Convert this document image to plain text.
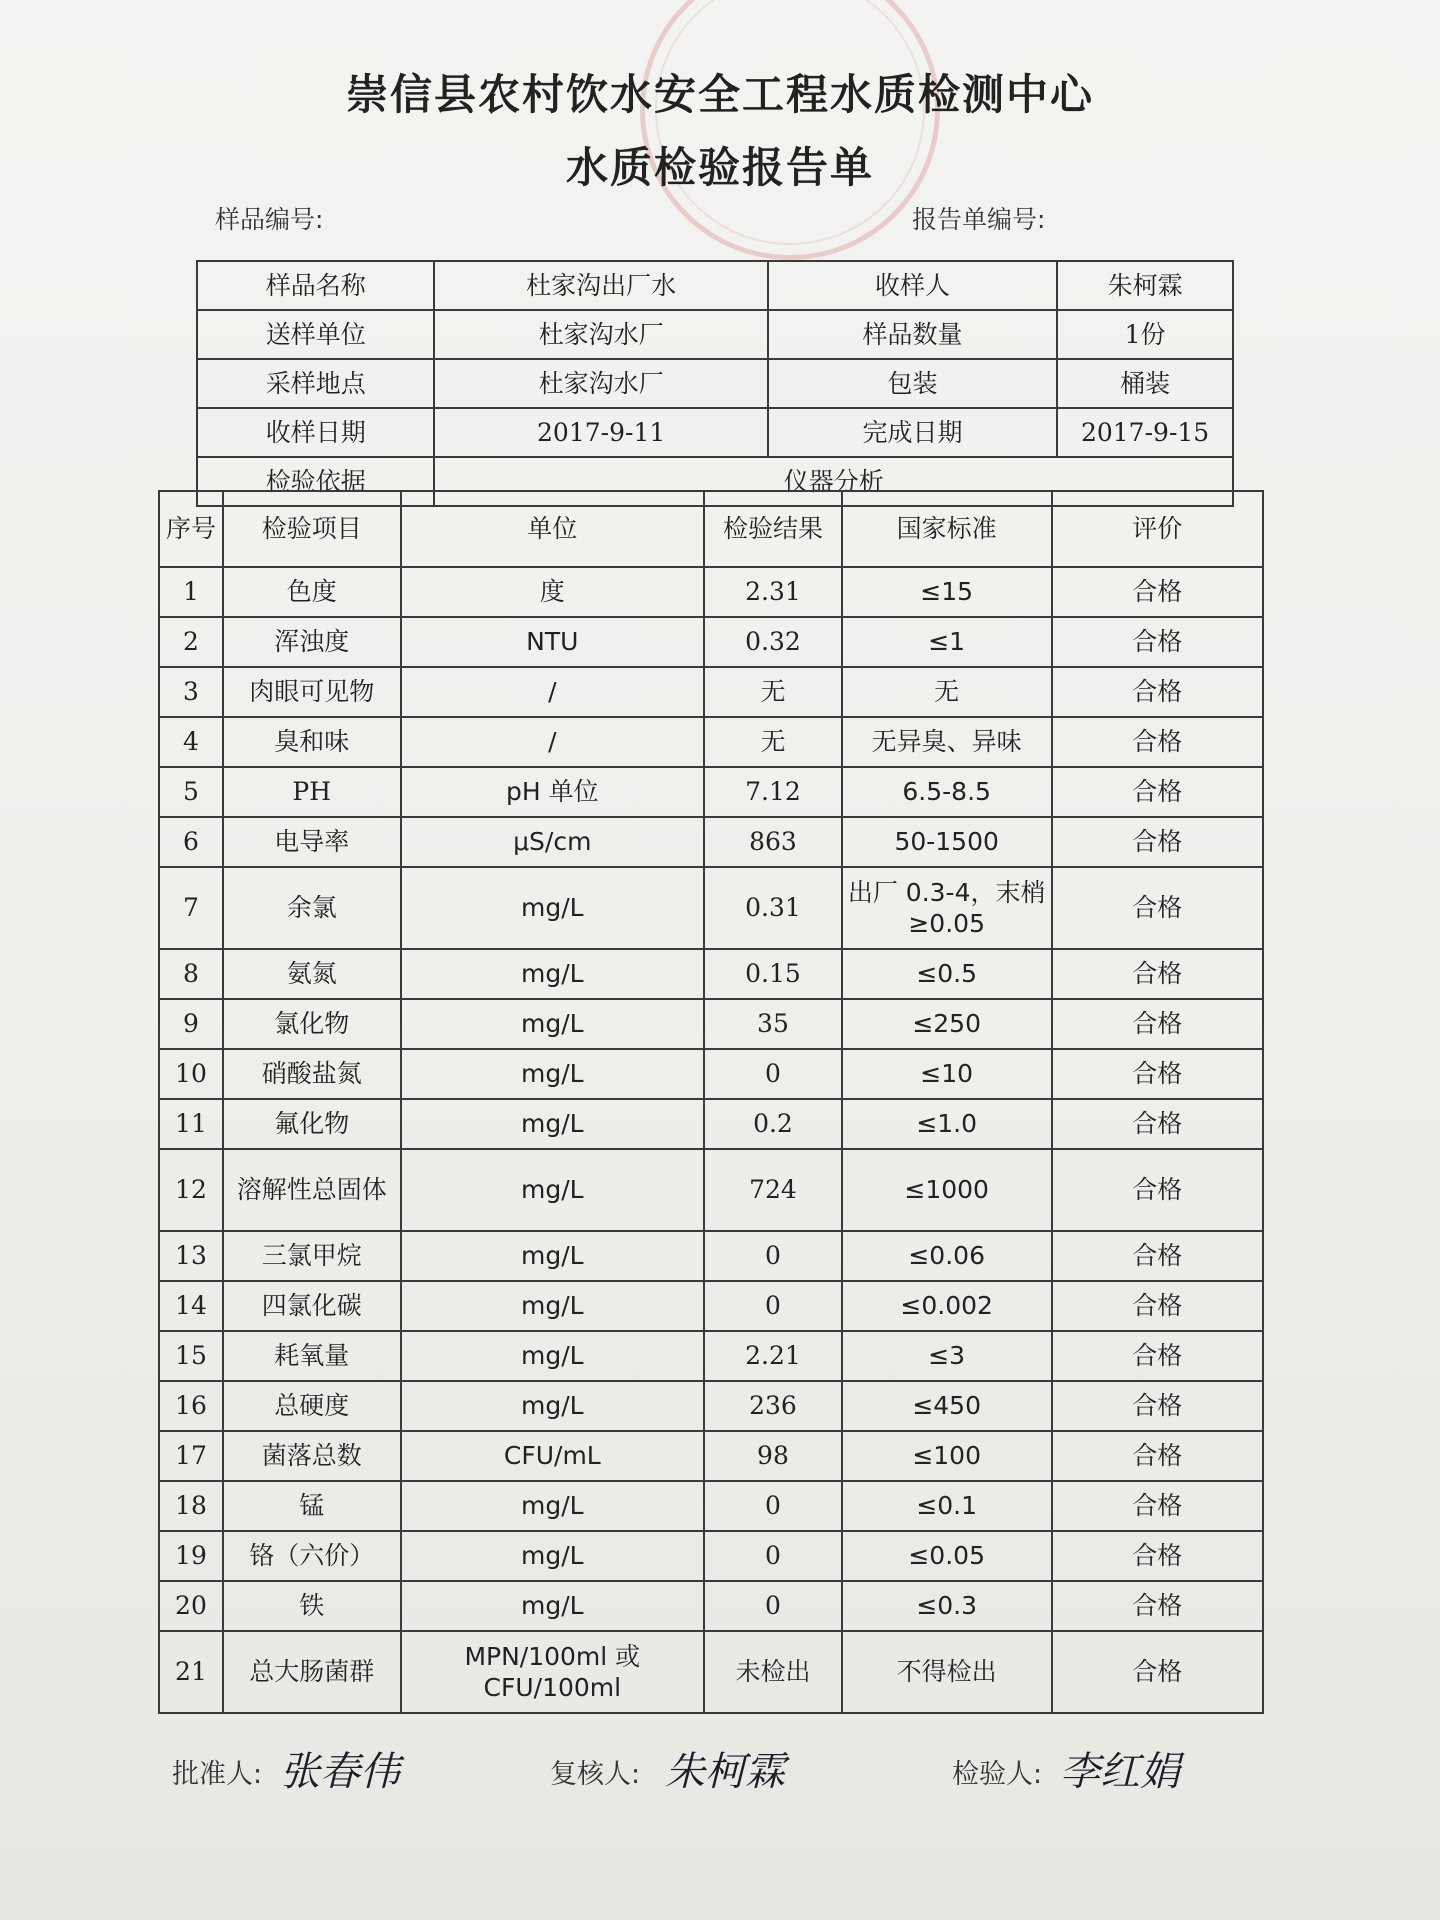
崇信县农村饮水安全工程水质检测中心
水质检验报告单
样品编号:	报告单编号:
样品名称	杜家沟出厂水	收样人	朱柯霖
送样单位	杜家沟水厂	样品数量	1份
采样地点	杜家沟水厂	包装	桶装
收样日期	2017-9-11	完成日期	2017-9-15
检验依据	仪器分析		
序号	检验项目	单位	检验结果	国家标准	评价
1	色度	度	2.31	≤15	合格
2	浑浊度	NTU	0.32	≤1	合格
3	肉眼可见物	/	无	无	合格
4	臭和味	/	无	无异臭、异味	合格
5	PH	pH 单位	7.12	6.5-8.5	合格
6	电导率	μS/cm	863	50-1500	合格
7	余氯	mg/L	0.31	出厂 0.3-4，末梢≥0.05	合格
8	氨氮	mg/L	0.15	≤0.5	合格
9	氯化物	mg/L	35	≤250	合格
10	硝酸盐氮	mg/L	0	≤10	合格
11	氟化物	mg/L	0.2	≤1.0	合格
12	溶解性总固体	mg/L	724	≤1000	合格
13	三氯甲烷	mg/L	0	≤0.06	合格
14	四氯化碳	mg/L	0	≤0.002	合格
15	耗氧量	mg/L	2.21	≤3	合格
16	总硬度	mg/L	236	≤450	合格
17	菌落总数	CFU/mL	98	≤100	合格
18	锰	mg/L	0	≤0.1	合格
19	铬（六价）	mg/L	0	≤0.05	合格
20	铁	mg/L	0	≤0.3	合格
21	总大肠菌群	MPN/100ml 或 CFU/100ml	未检出	不得检出	合格
批准人: 张春伟	复核人: 朱柯霖	检验人: 李红娟
